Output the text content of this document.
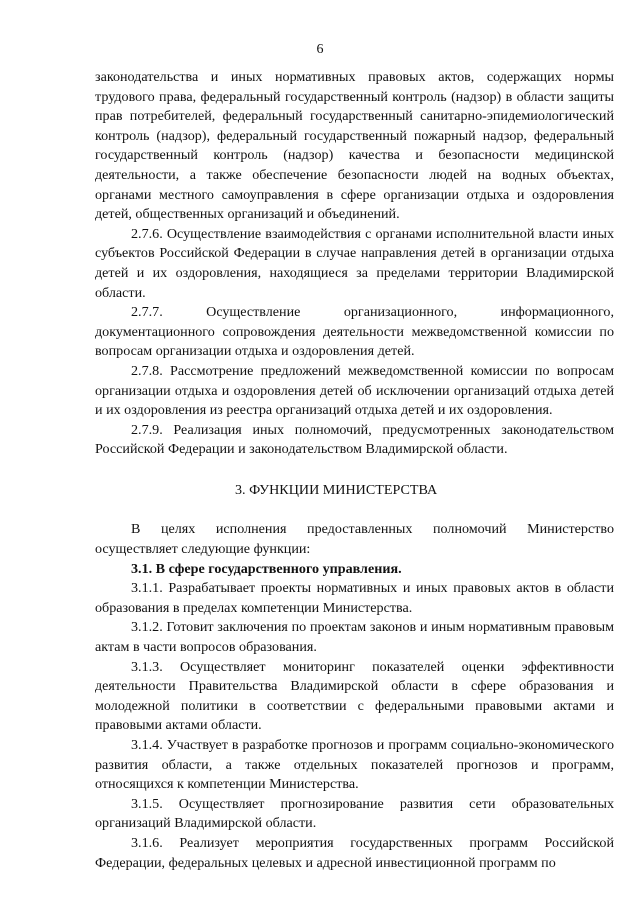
6

законодательства и иных нормативных правовых актов, содержащих нормы трудового права, федеральный государственный контроль (надзор) в области защиты прав потребителей, федеральный государственный санитарно-эпидемиологический контроль (надзор), федеральный государственный пожарный надзор, федеральный государственный контроль (надзор) качества и безопасности медицинской деятельности, а также обеспечение безопасности людей на водных объектах, органами местного самоуправления в сфере организации отдыха и оздоровления детей, общественных организаций и объединений.

2.7.6. Осуществление взаимодействия с органами исполнительной власти иных субъектов Российской Федерации в случае направления детей в организации отдыха детей и их оздоровления, находящиеся за пределами территории Владимирской области.

2.7.7. Осуществление организационного, информационного, документационного сопровождения деятельности межведомственной комиссии по вопросам организации отдыха и оздоровления детей.

2.7.8. Рассмотрение предложений межведомственной комиссии по вопросам организации отдыха и оздоровления детей об исключении организаций отдыха детей и их оздоровления из реестра организаций отдыха детей и их оздоровления.

2.7.9. Реализация иных полномочий, предусмотренных законодательством Российской Федерации и законодательством Владимирской области.

3. ФУНКЦИИ МИНИСТЕРСТВА

В целях исполнения предоставленных полномочий Министерство осуществляет следующие функции:

3.1. В сфере государственного управления.

3.1.1. Разрабатывает проекты нормативных и иных правовых актов в области образования в пределах компетенции Министерства.

3.1.2. Готовит заключения по проектам законов и иным нормативным правовым актам в части вопросов образования.

3.1.3. Осуществляет мониторинг показателей оценки эффективности деятельности Правительства Владимирской области в сфере образования и молодежной политики в соответствии с федеральными правовыми актами и правовыми актами области.

3.1.4. Участвует в разработке прогнозов и программ социально-экономического развития области, а также отдельных показателей прогнозов и программ, относящихся к компетенции Министерства.

3.1.5. Осуществляет прогнозирование развития сети образовательных организаций Владимирской области.

3.1.6. Реализует мероприятия государственных программ Российской Федерации, федеральных целевых и адресной инвестиционной программ по
